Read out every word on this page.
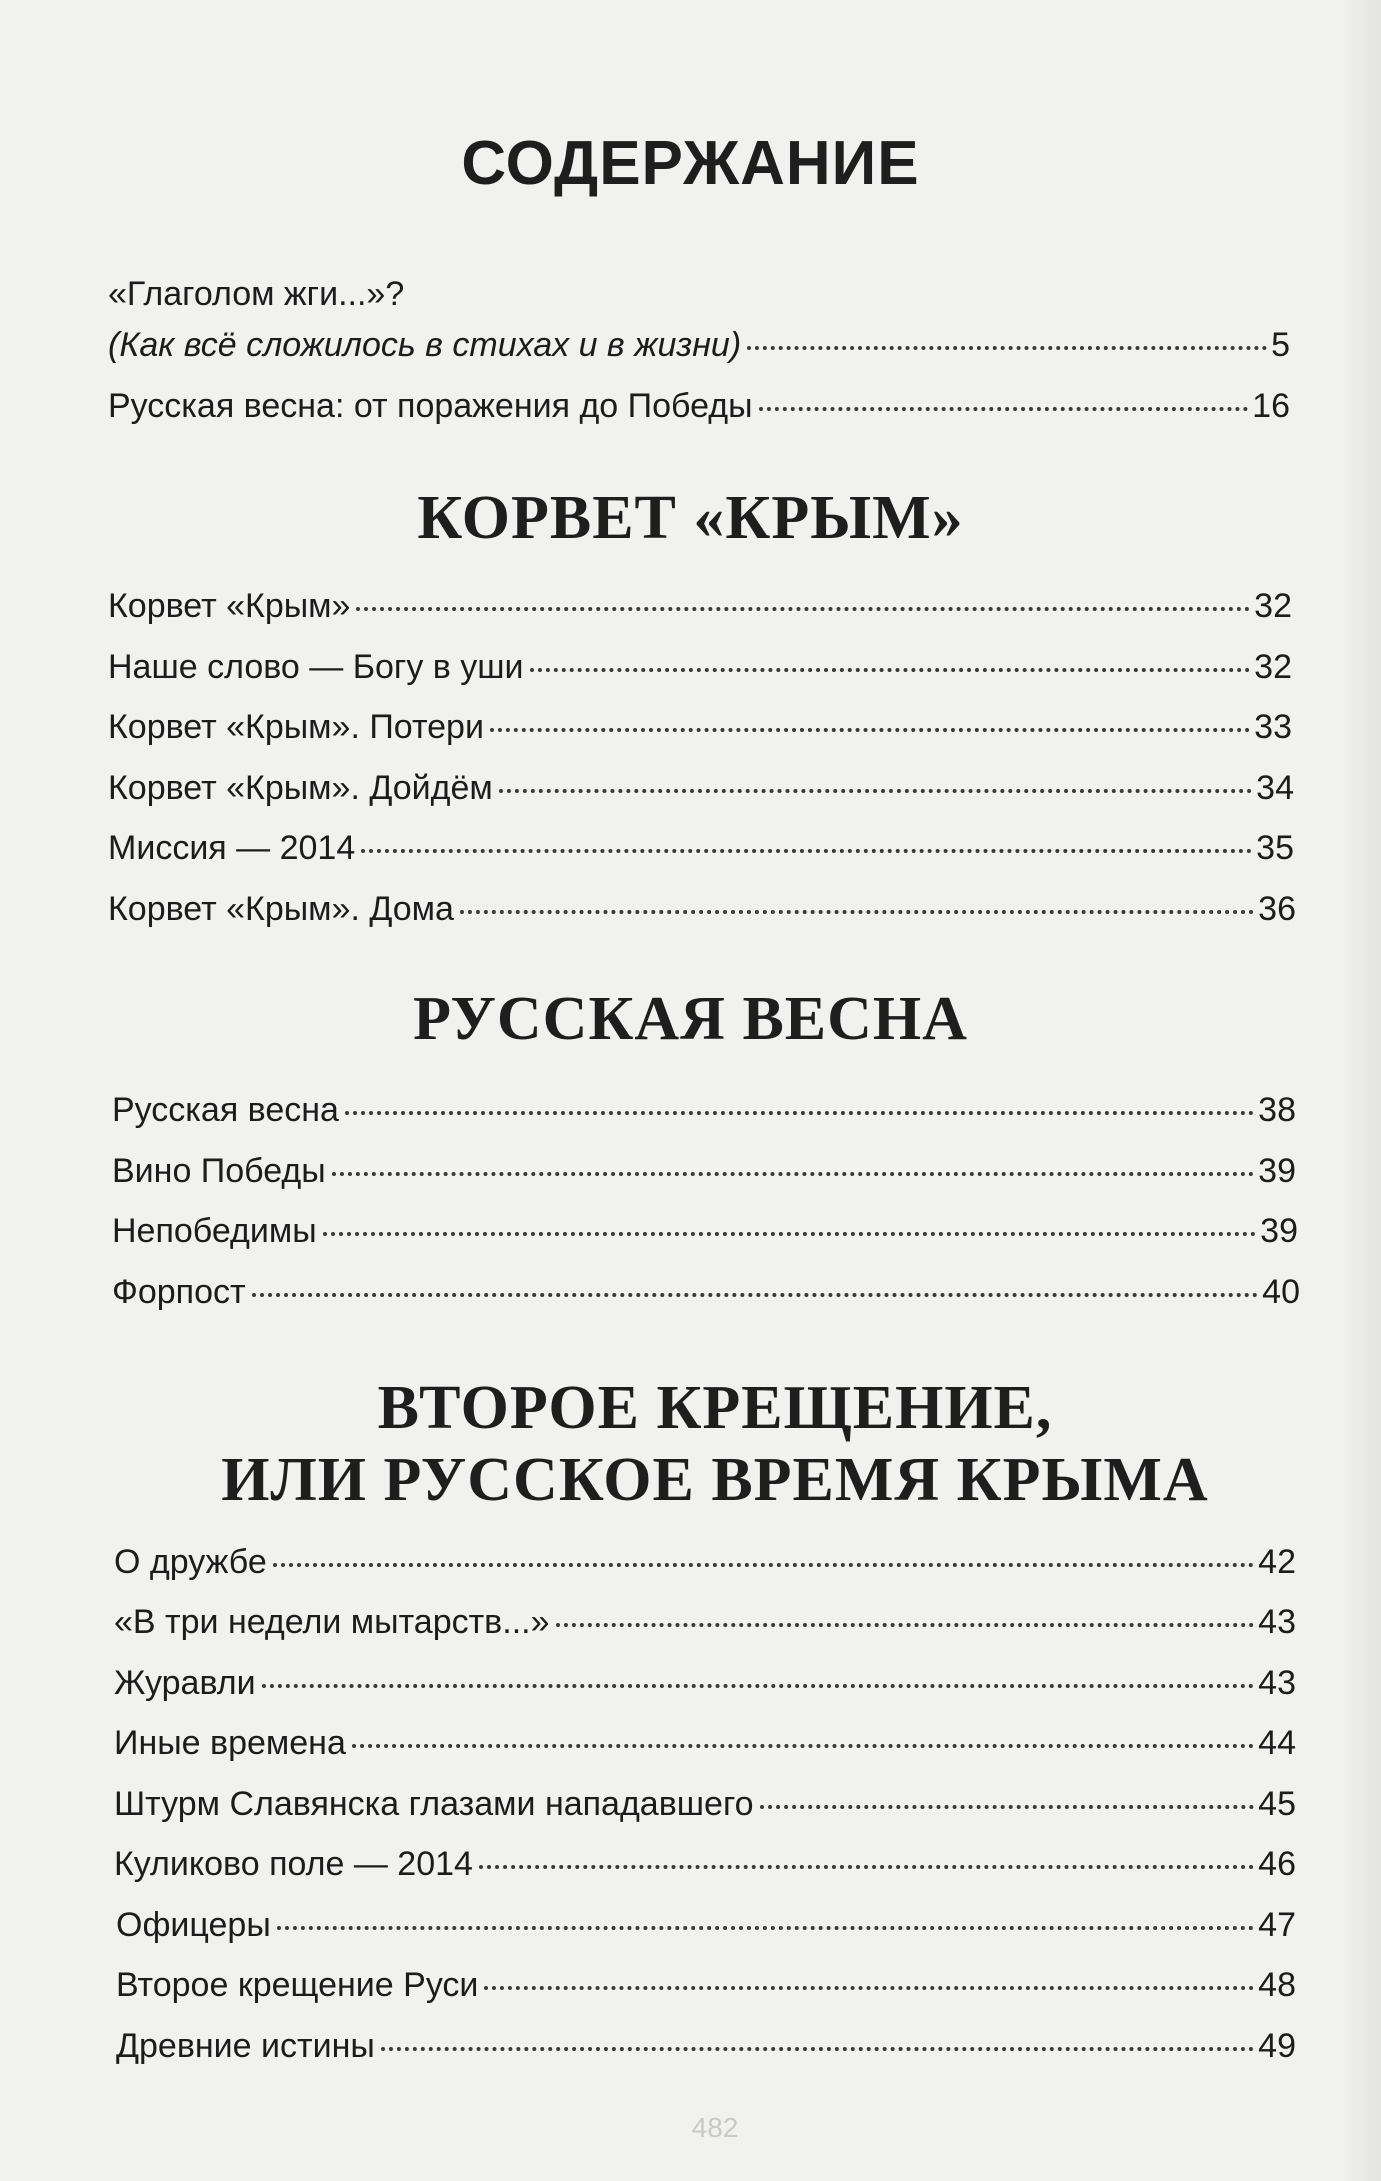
СОДЕРЖАНИЕ
«Глаголом жги...»?
(Как всё сложилось в стихах и в жизни)	5
Русская весна: от поражения до Победы	16
КОРВЕТ «КРЫМ»
Корвет «Крым»	32
Наше слово — Богу в уши	32
Корвет «Крым». Потери	33
Корвет «Крым». Дойдём	34
Миссия — 2014	35
Корвет «Крым». Дома	36
РУССКАЯ ВЕСНА
Русская весна	38
Вино Победы	39
Непобедимы	39
Форпост	40
ВТОРОЕ КРЕЩЕНИЕ,
ИЛИ РУССКОЕ ВРЕМЯ КРЫМА
О дружбе	42
«В три недели мытарств...»	43
Журавли	43
Иные времена	44
Штурм Славянска глазами нападавшего	45
Куликово поле — 2014	46
Офицеры	47
Второе крещение Руси	48
Древние истины	49
482
